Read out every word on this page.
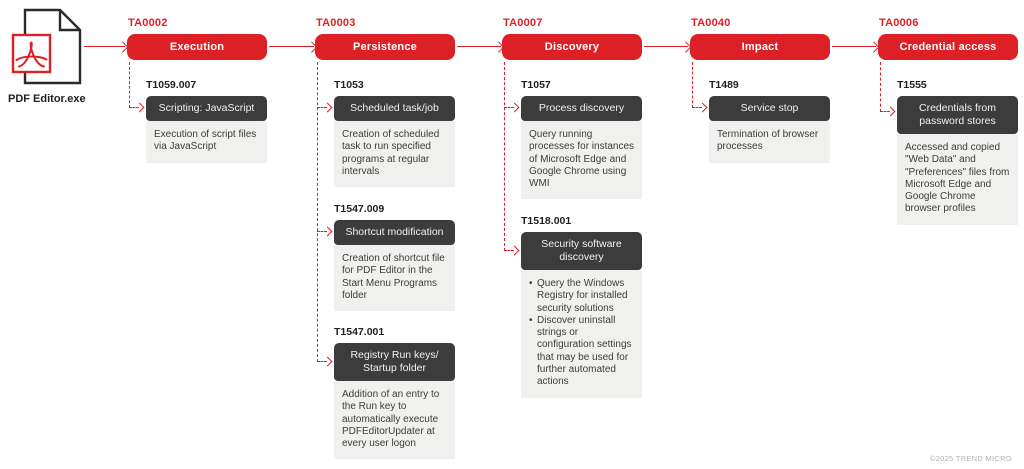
PDF Editor.exe
TA0002
Execution
T1059.007
Scripting: JavaScript
Execution of script files via JavaScript
TA0003
Persistence
T1053
Scheduled task/job
Creation of scheduled task to run specified programs at regular intervals
T1547.009
Shortcut modification
Creation of shortcut file for PDF Editor in the Start Menu Programs folder
T1547.001
Registry Run keys/ Startup folder
Addition of an entry to the Run key to automatically execute PDFEditorUpdater at every user logon
TA0007
Discovery
T1057
Process discovery
Query running processes for instances of Microsoft Edge and Google Chrome using WMI
T1518.001
Security software discovery
• Query the Windows Registry for installed security solutions
• Discover uninstall strings or configuration settings that may be used for further automated actions
TA0040
Impact
T1489
Service stop
Termination of browser processes
TA0006
Credential access
T1555
Credentials from password stores
Accessed and copied "Web Data" and "Preferences" files from Microsoft Edge and Google Chrome browser profiles
©2025 TREND MICRO
